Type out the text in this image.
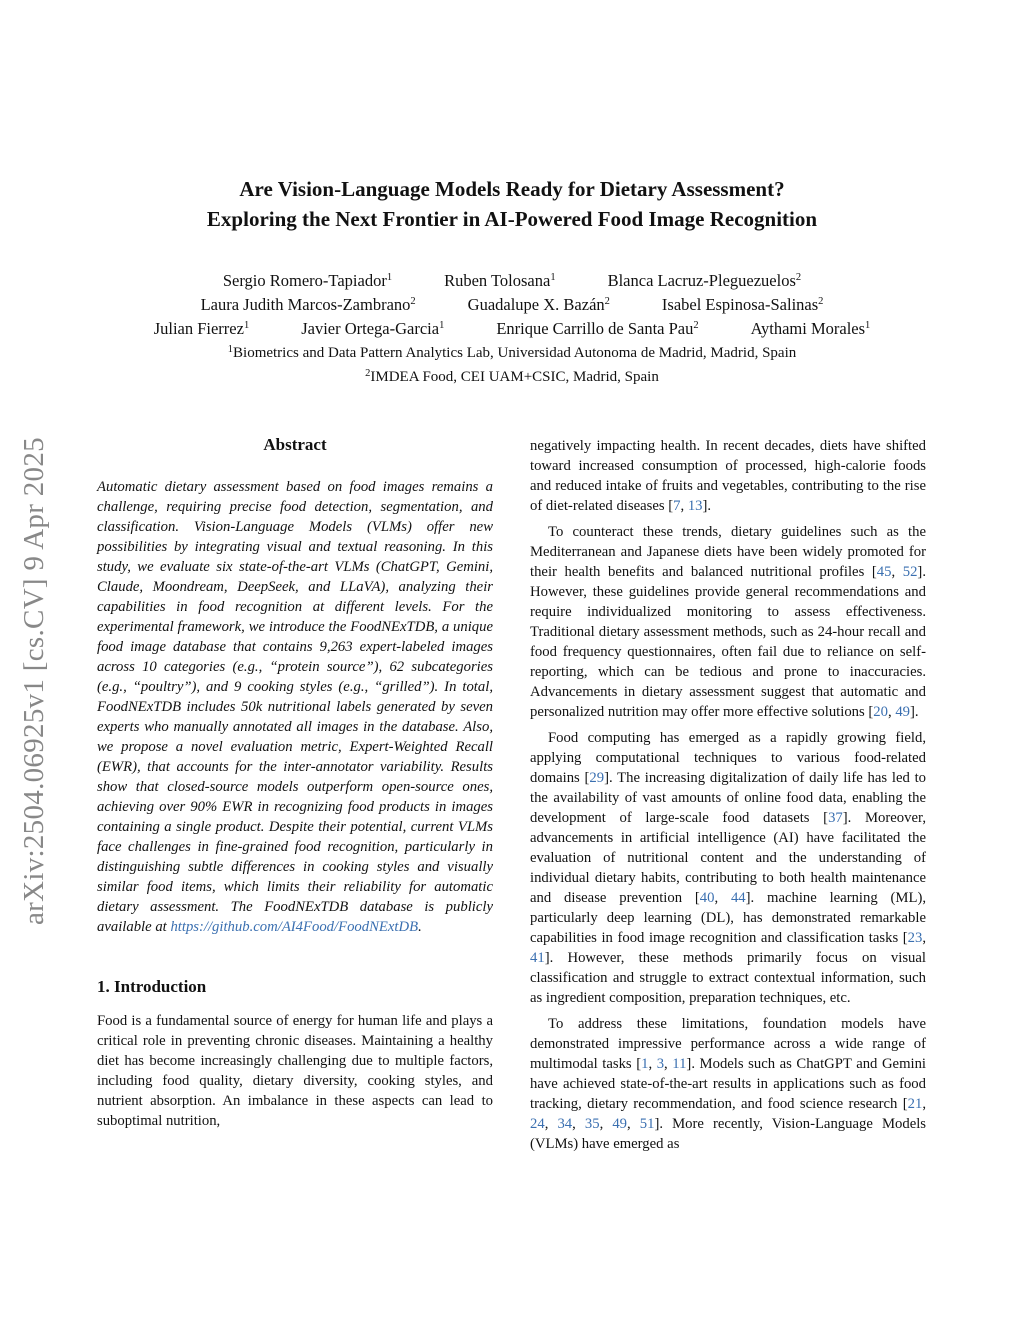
arXiv:2504.06925v1 [cs.CV] 9 Apr 2025
Are Vision-Language Models Ready for Dietary Assessment?
Exploring the Next Frontier in AI-Powered Food Image Recognition
Sergio Romero-Tapiador$^1$	Ruben Tolosana$^1$	Blanca Lacruz-Pleguezuelos$^2$
Laura Judith Marcos-Zambrano$^2$	Guadalupe X. Bazán$^2$	Isabel Espinosa-Salinas$^2$
Julian Fierrez$^1$	Javier Ortega-Garcia$^1$	Enrique Carrillo de Santa Pau$^2$	Aythami Morales$^1$
$^1$Biometrics and Data Pattern Analytics Lab, Universidad Autonoma de Madrid, Madrid, Spain
$^2$IMDEA Food, CEI UAM+CSIC, Madrid, Spain
Abstract

Automatic dietary assessment based on food images remains a challenge, requiring precise food detection, segmentation, and classification. Vision-Language Models (VLMs) offer new possibilities by integrating visual and textual reasoning. In this study, we evaluate six state-of-the-art VLMs (ChatGPT, Gemini, Claude, Moondream, DeepSeek, and LLaVA), analyzing their capabilities in food recognition at different levels. For the experimental framework, we introduce the FoodNExTDB, a unique food image database that contains 9,263 expert-labeled images across 10 categories (e.g., “protein source”), 62 subcategories (e.g., “poultry”), and 9 cooking styles (e.g., “grilled”). In total, FoodNExTDB includes 50k nutritional labels generated by seven experts who manually annotated all images in the database. Also, we propose a novel evaluation metric, Expert-Weighted Recall (EWR), that accounts for the inter-annotator variability. Results show that closed-source models outperform open-source ones, achieving over 90% EWR in recognizing food products in images containing a single product. Despite their potential, current VLMs face challenges in fine-grained food recognition, particularly in distinguishing subtle differences in cooking styles and visually similar food items, which limits their reliability for automatic dietary assessment. The FoodNExTDB database is publicly available at https://github.com/AI4Food/FoodNExtDB.

1. Introduction

Food is a fundamental source of energy for human life and plays a critical role in preventing chronic diseases. Maintaining a healthy diet has become increasingly challenging due to multiple factors, including food quality, dietary diversity, cooking styles, and nutrient absorption. An imbalance in these aspects can lead to suboptimal nutrition,

negatively impacting health. In recent decades, diets have shifted toward increased consumption of processed, high-calorie foods and reduced intake of fruits and vegetables, contributing to the rise of diet-related diseases [7, 13].

To counteract these trends, dietary guidelines such as the Mediterranean and Japanese diets have been widely promoted for their health benefits and balanced nutritional profiles [45, 52]. However, these guidelines provide general recommendations and require individualized monitoring to assess effectiveness. Traditional dietary assessment methods, such as 24-hour recall and food frequency questionnaires, often fail due to reliance on self-reporting, which can be tedious and prone to inaccuracies. Advancements in dietary assessment suggest that automatic and personalized nutrition may offer more effective solutions [20, 49].

Food computing has emerged as a rapidly growing field, applying computational techniques to various food-related domains [29]. The increasing digitalization of daily life has led to the availability of vast amounts of online food data, enabling the development of large-scale food datasets [37]. Moreover, advancements in artificial intelligence (AI) have facilitated the evaluation of nutritional content and the understanding of individual dietary habits, contributing to both health maintenance and disease prevention [40, 44]. machine learning (ML), particularly deep learning (DL), has demonstrated remarkable capabilities in food image recognition and classification tasks [23, 41]. However, these methods primarily focus on visual classification and struggle to extract contextual information, such as ingredient composition, preparation techniques, etc.

To address these limitations, foundation models have demonstrated impressive performance across a wide range of multimodal tasks [1, 3, 11]. Models such as ChatGPT and Gemini have achieved state-of-the-art results in applications such as food tracking, dietary recommendation, and food science research [21, 24, 34, 35, 49, 51]. More recently, Vision-Language Models (VLMs) have emerged as
